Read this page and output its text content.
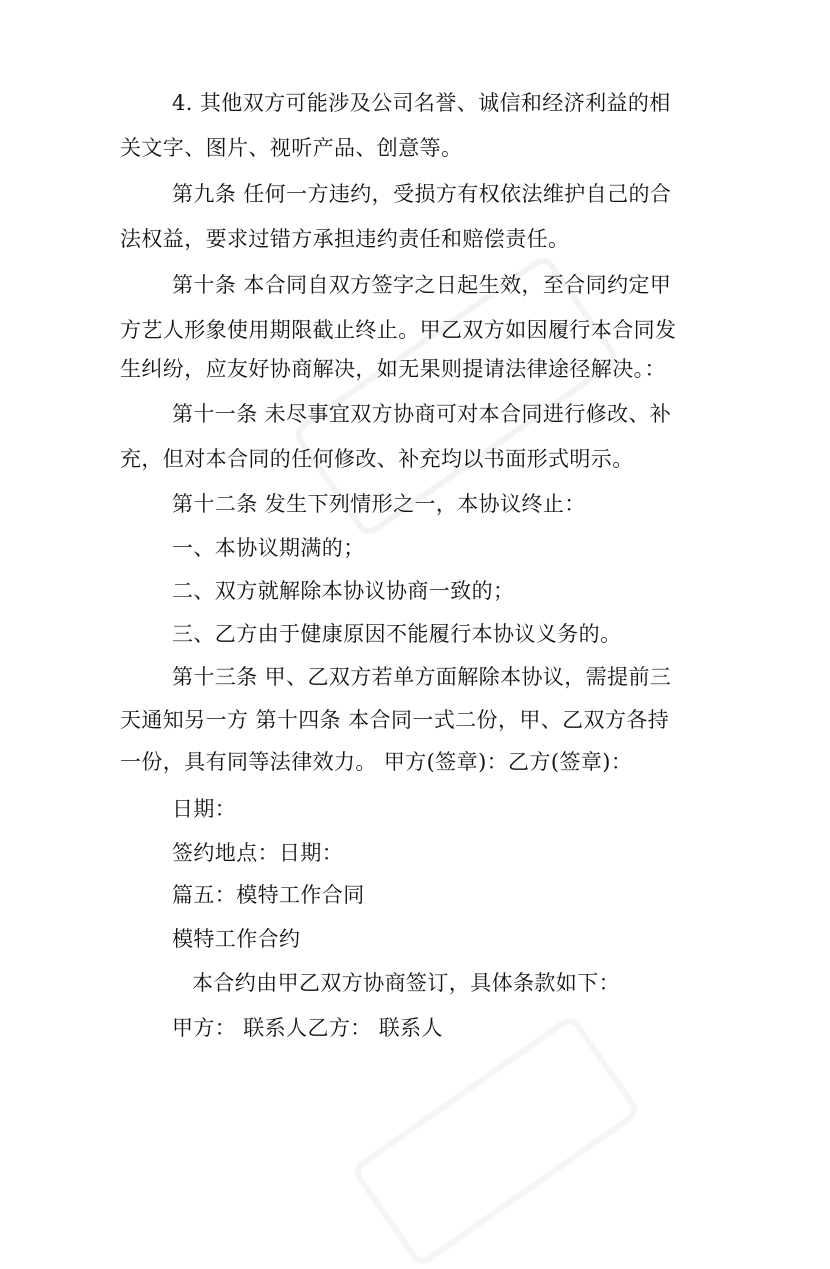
4. 其他双方可能涉及公司名誉、诚信和经济利益的相
关文字、图片、视听产品、创意等。
第九条 任何一方违约，受损方有权依法维护自己的合
法权益，要求过错方承担违约责任和赔偿责任。
第十条 本合同自双方签字之日起生效，至合同约定甲
方艺人形象使用期限截止终止。甲乙双方如因履行本合同发
生纠纷，应友好协商解决，如无果则提请法律途径解决。：
第十一条 未尽事宜双方协商可对本合同进行修改、补
充，但对本合同的任何修改、补充均以书面形式明示。
第十二条 发生下列情形之一，本协议终止：
一、本协议期满的；
二、双方就解除本协议协商一致的；
三、乙方由于健康原因不能履行本协议义务的。
第十三条 甲、乙双方若单方面解除本协议，需提前三
天通知另一方 第十四条 本合同一式二份，甲、乙双方各持
一份，具有同等法律效力。 甲方(签章)：乙方(签章)：
日期：
签约地点：日期：
篇五：模特工作合同
模特工作合约
本合约由甲乙双方协商签订，具体条款如下：
甲方： 联系人乙方： 联系人
